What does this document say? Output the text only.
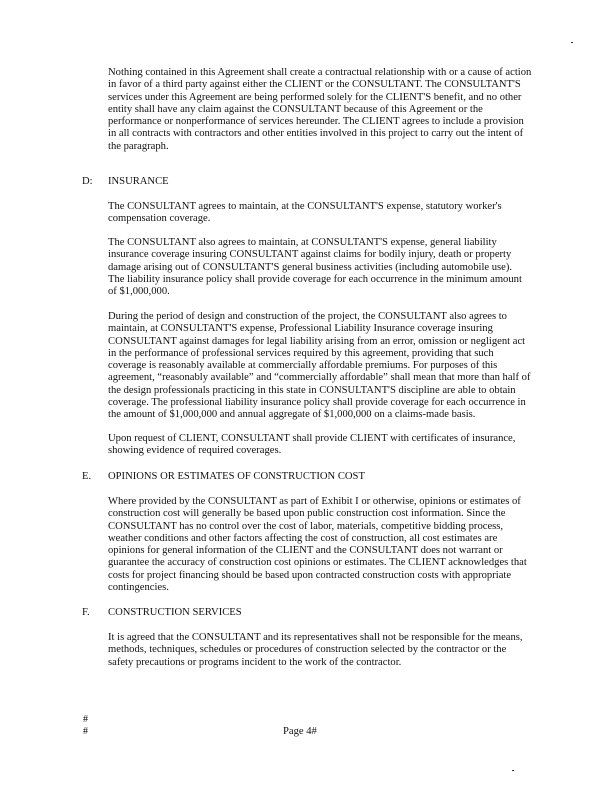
Nothing contained in this Agreement shall create a contractual relationship with or a cause of action
in favor of a third party against either the CLIENT or the CONSULTANT. The CONSULTANT'S
services under this Agreement are being performed solely for the CLIENT'S benefit, and no other
entity shall have any claim against the CONSULTANT because of this Agreement or the
performance or nonperformance of services hereunder. The CLIENT agrees to include a provision
in all contracts with contractors and other entities involved in this project to carry out the intent of
the paragraph.
D: INSURANCE
The CONSULTANT agrees to maintain, at the CONSULTANT'S expense, statutory worker's
compensation coverage.
The CONSULTANT also agrees to maintain, at CONSULTANT'S expense, general liability
insurance coverage insuring CONSULTANT against claims for bodily injury, death or property
damage arising out of CONSULTANT'S general business activities (including automobile use).
The liability insurance policy shall provide coverage for each occurrence in the minimum amount
of $1,000,000.
During the period of design and construction of the project, the CONSULTANT also agrees to
maintain, at CONSULTANT'S expense, Professional Liability Insurance coverage insuring
CONSULTANT against damages for legal liability arising from an error, omission or negligent act
in the performance of professional services required by this agreement, providing that such
coverage is reasonably available at commercially affordable premiums. For purposes of this
agreement, “reasonably available” and “commercially affordable” shall mean that more than half of
the design professionals practicing in this state in CONSULTANT'S discipline are able to obtain
coverage. The professional liability insurance policy shall provide coverage for each occurrence in
the amount of $1,000,000 and annual aggregate of $1,000,000 on a claims-made basis.
Upon request of CLIENT, CONSULTANT shall provide CLIENT with certificates of insurance,
showing evidence of required coverages.
E. OPINIONS OR ESTIMATES OF CONSTRUCTION COST
Where provided by the CONSULTANT as part of Exhibit I or otherwise, opinions or estimates of
construction cost will generally be based upon public construction cost information. Since the
CONSULTANT has no control over the cost of labor, materials, competitive bidding process,
weather conditions and other factors affecting the cost of construction, all cost estimates are
opinions for general information of the CLIENT and the CONSULTANT does not warrant or
guarantee the accuracy of construction cost opinions or estimates. The CLIENT acknowledges that
costs for project financing should be based upon contracted construction costs with appropriate
contingencies.
F. CONSTRUCTION SERVICES
It is agreed that the CONSULTANT and its representatives shall not be responsible for the means,
methods, techniques, schedules or procedures of construction selected by the contractor or the
safety precautions or programs incident to the work of the contractor.
#
#	Page 4#
